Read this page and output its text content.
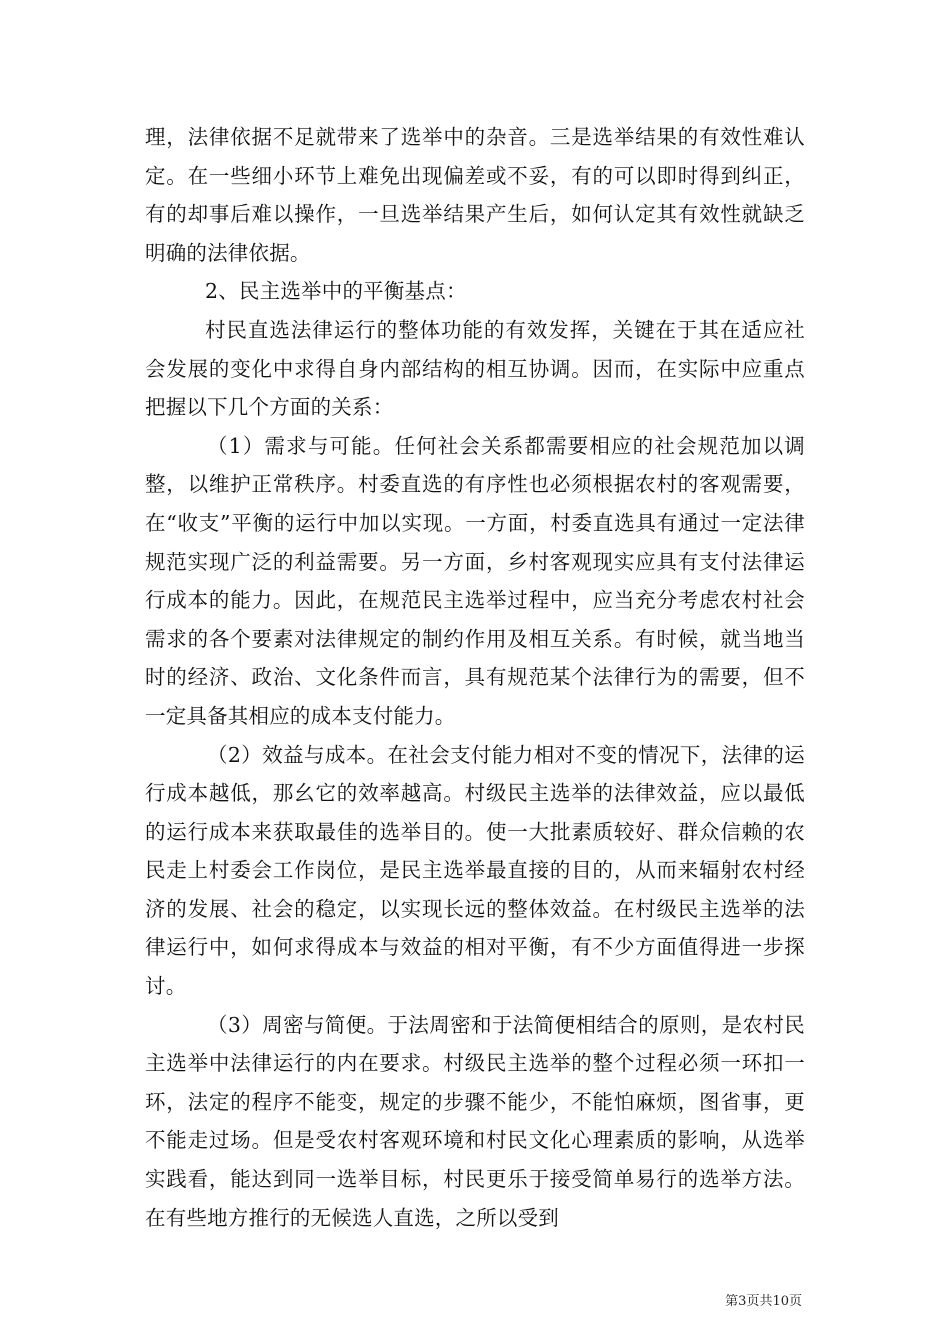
理，法律依据不足就带来了选举中的杂音。三是选举结果的有效性难认定。在一些细小环节上难免出现偏差或不妥，有的可以即时得到纠正，有的却事后难以操作，一旦选举结果产生后，如何认定其有效性就缺乏明确的法律依据。

2、民主选举中的平衡基点：

村民直选法律运行的整体功能的有效发挥，关键在于其在适应社会发展的变化中求得自身内部结构的相互协调。因而，在实际中应重点把握以下几个方面的关系：

（1）需求与可能。任何社会关系都需要相应的社会规范加以调整，以维护正常秩序。村委直选的有序性也必须根据农村的客观需要，在“收支”平衡的运行中加以实现。一方面，村委直选具有通过一定法律规范实现广泛的利益需要。另一方面，乡村客观现实应具有支付法律运行成本的能力。因此，在规范民主选举过程中，应当充分考虑农村社会需求的各个要素对法律规定的制约作用及相互关系。有时候，就当地当时的经济、政治、文化条件而言，具有规范某个法律行为的需要，但不一定具备其相应的成本支付能力。

（2）效益与成本。在社会支付能力相对不变的情况下，法律的运行成本越低，那幺它的效率越高。村级民主选举的法律效益，应以最低的运行成本来获取最佳的选举目的。使一大批素质较好、群众信赖的农民走上村委会工作岗位，是民主选举最直接的目的，从而来辐射农村经济的发展、社会的稳定，以实现长远的整体效益。在村级民主选举的法律运行中，如何求得成本与效益的相对平衡，有不少方面值得进一步探讨。

（3）周密与简便。于法周密和于法简便相结合的原则，是农村民主选举中法律运行的内在要求。村级民主选举的整个过程必须一环扣一环，法定的程序不能变，规定的步骤不能少，不能怕麻烦，图省事，更不能走过场。但是受农村客观环境和村民文化心理素质的影响，从选举实践看，能达到同一选举目标，村民更乐于接受简单易行的选举方法。在有些地方推行的无候选人直选，之所以受到

第3页共10页
